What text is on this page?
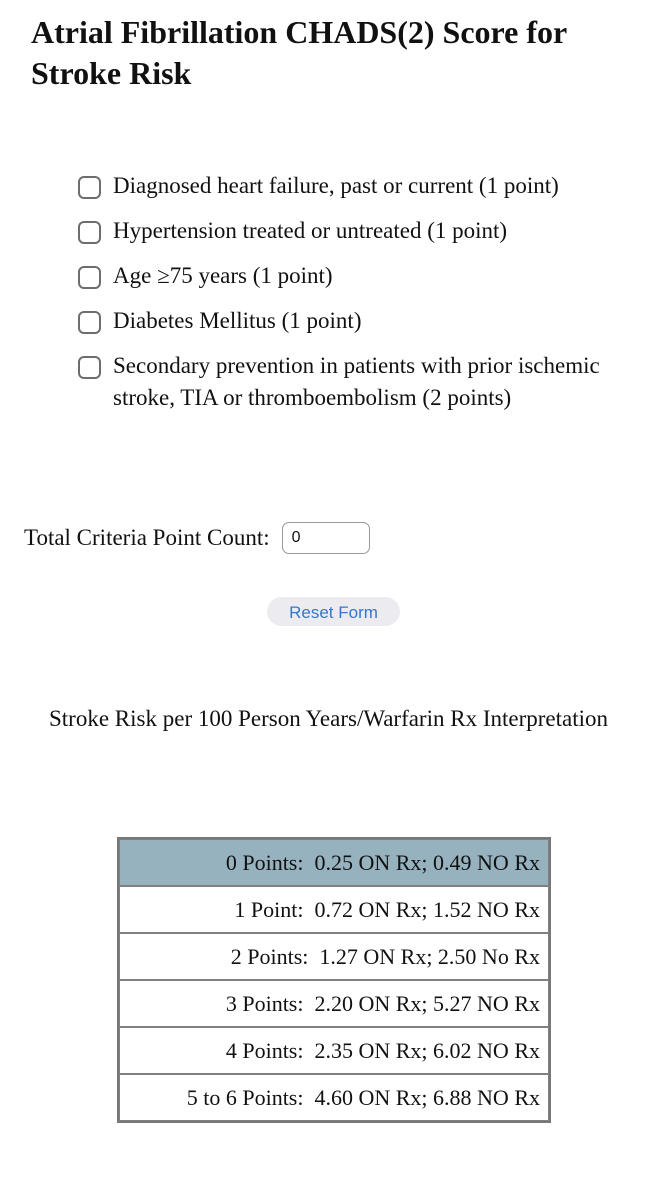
Atrial Fibrillation CHADS(2) Score for Stroke Risk
Diagnosed heart failure, past or current (1 point)
Hypertension treated or untreated (1 point)
Age ≥75 years (1 point)
Diabetes Mellitus (1 point)
Secondary prevention in patients with prior ischemic stroke, TIA or thromboembolism (2 points)
Total Criteria Point Count:
0
Reset Form

Stroke Risk per 100 Person Years/Warfarin Rx Interpretation

0 Points:  0.25 ON Rx; 0.49 NO Rx
1 Point:  0.72 ON Rx; 1.52 NO Rx
2 Points:  1.27 ON Rx; 2.50 No Rx
3 Points:  2.20 ON Rx; 5.27 NO Rx
4 Points:  2.35 ON Rx; 6.02 NO Rx
5 to 6 Points:  4.60 ON Rx; 6.88 NO Rx
